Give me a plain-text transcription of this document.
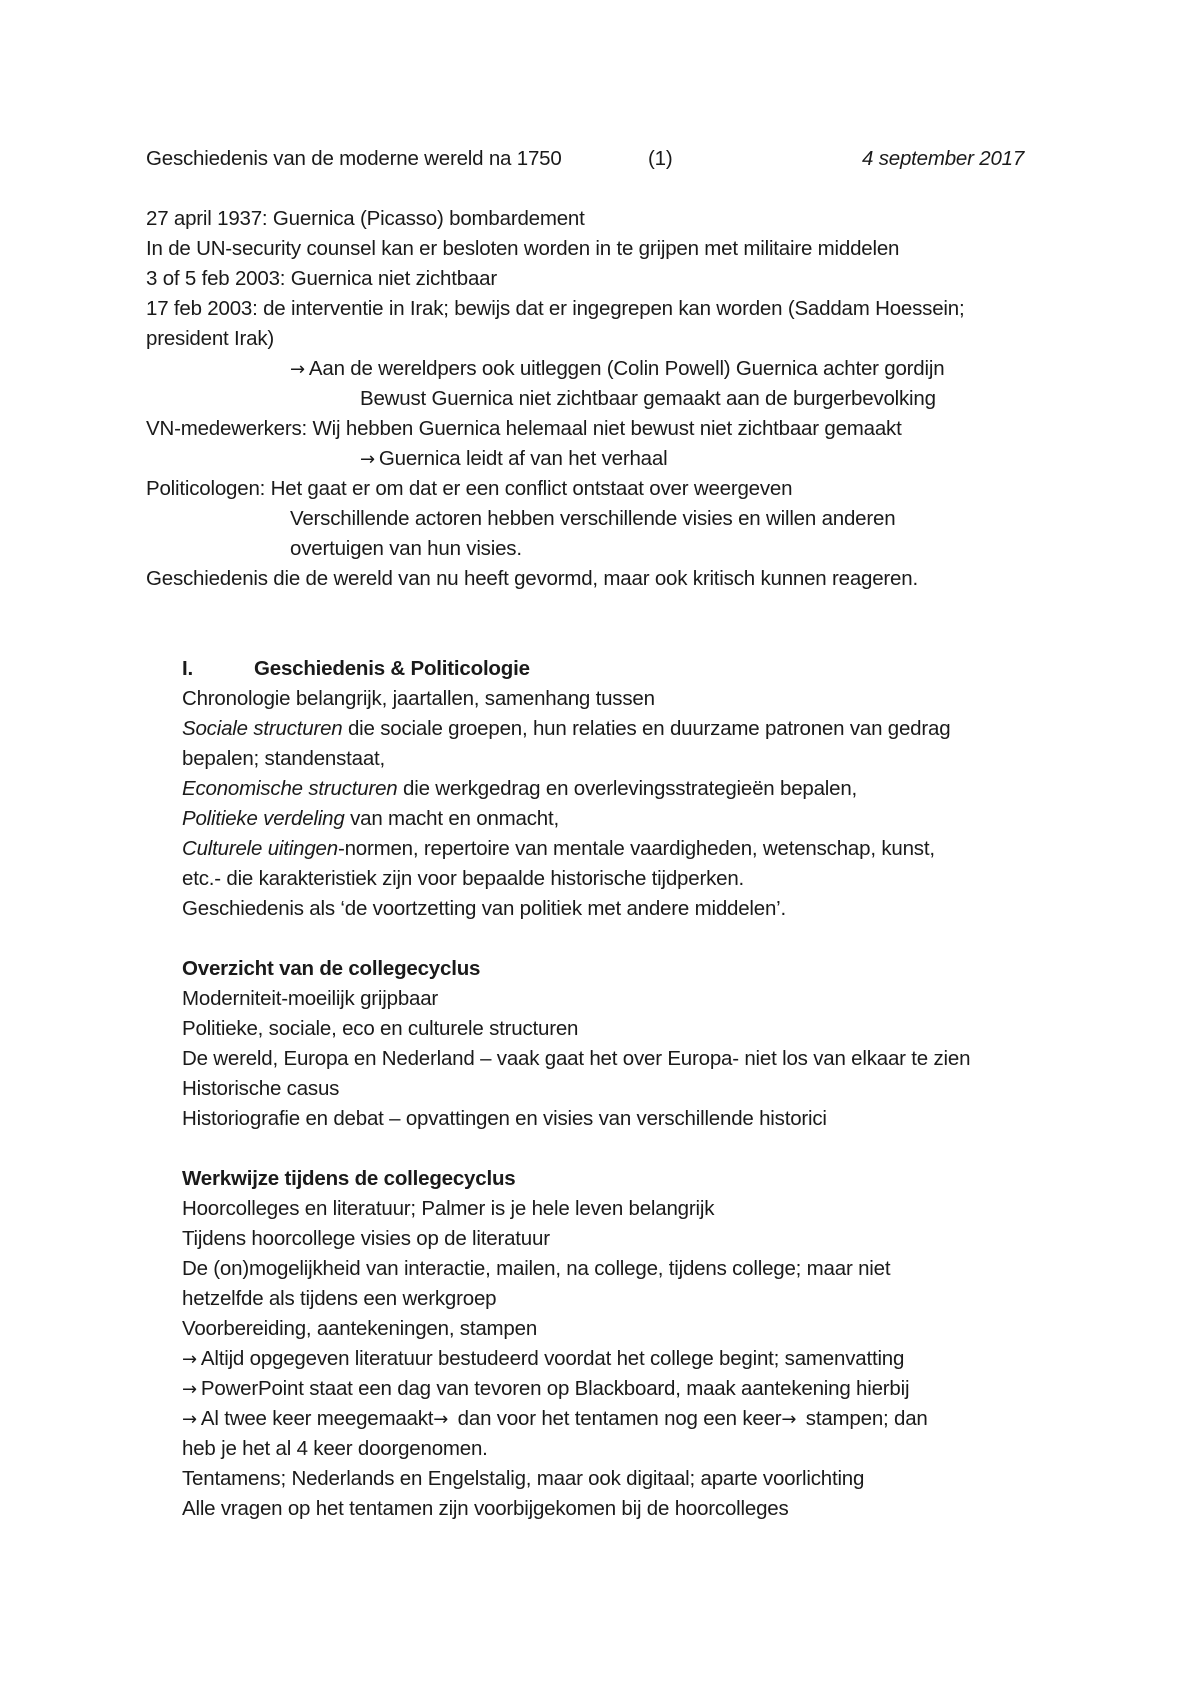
Geschiedenis van de moderne wereld na 1750	(1)	4 september 2017
27 april 1937: Guernica (Picasso) bombardement
In de UN-security counsel kan er besloten worden in te grijpen met militaire middelen
3 of 5 feb 2003: Guernica niet zichtbaar
17 feb 2003: de interventie in Irak; bewijs dat er ingegrepen kan worden (Saddam Hoessein;
president Irak)
→ Aan de wereldpers ook uitleggen (Colin Powell) Guernica achter gordijn
Bewust Guernica niet zichtbaar gemaakt aan de burgerbevolking
VN-medewerkers: Wij hebben Guernica helemaal niet bewust niet zichtbaar gemaakt
→ Guernica leidt af van het verhaal
Politicologen: Het gaat er om dat er een conflict ontstaat over weergeven
Verschillende actoren hebben verschillende visies en willen anderen
overtuigen van hun visies.
Geschiedenis die de wereld van nu heeft gevormd, maar ook kritisch kunnen reageren.
I.	Geschiedenis & Politicologie
Chronologie belangrijk, jaartallen, samenhang tussen
Sociale structuren die sociale groepen, hun relaties en duurzame patronen van gedrag
bepalen; standenstaat,
Economische structuren die werkgedrag en overlevingsstrategieën bepalen,
Politieke verdeling van macht en onmacht,
Culturele uitingen-normen, repertoire van mentale vaardigheden, wetenschap, kunst,
etc.- die karakteristiek zijn voor bepaalde historische tijdperken.
Geschiedenis als ‘de voortzetting van politiek met andere middelen’.
Overzicht van de collegecyclus
Moderniteit-moeilijk grijpbaar
Politieke, sociale, eco en culturele structuren
De wereld, Europa en Nederland – vaak gaat het over Europa- niet los van elkaar te zien
Historische casus
Historiografie en debat – opvattingen en visies van verschillende historici
Werkwijze tijdens de collegecyclus
Hoorcolleges en literatuur; Palmer is je hele leven belangrijk
Tijdens hoorcollege visies op de literatuur
De (on)mogelijkheid van interactie, mailen, na college, tijdens college; maar niet
hetzelfde als tijdens een werkgroep
Voorbereiding, aantekeningen, stampen
→ Altijd opgegeven literatuur bestudeerd voordat het college begint; samenvatting
→ PowerPoint staat een dag van tevoren op Blackboard, maak aantekening hierbij
→ Al twee keer meegemaakt→ dan voor het tentamen nog een keer→ stampen; dan
heb je het al 4 keer doorgenomen.
Tentamens; Nederlands en Engelstalig, maar ook digitaal; aparte voorlichting
Alle vragen op het tentamen zijn voorbijgekomen bij de hoorcolleges
